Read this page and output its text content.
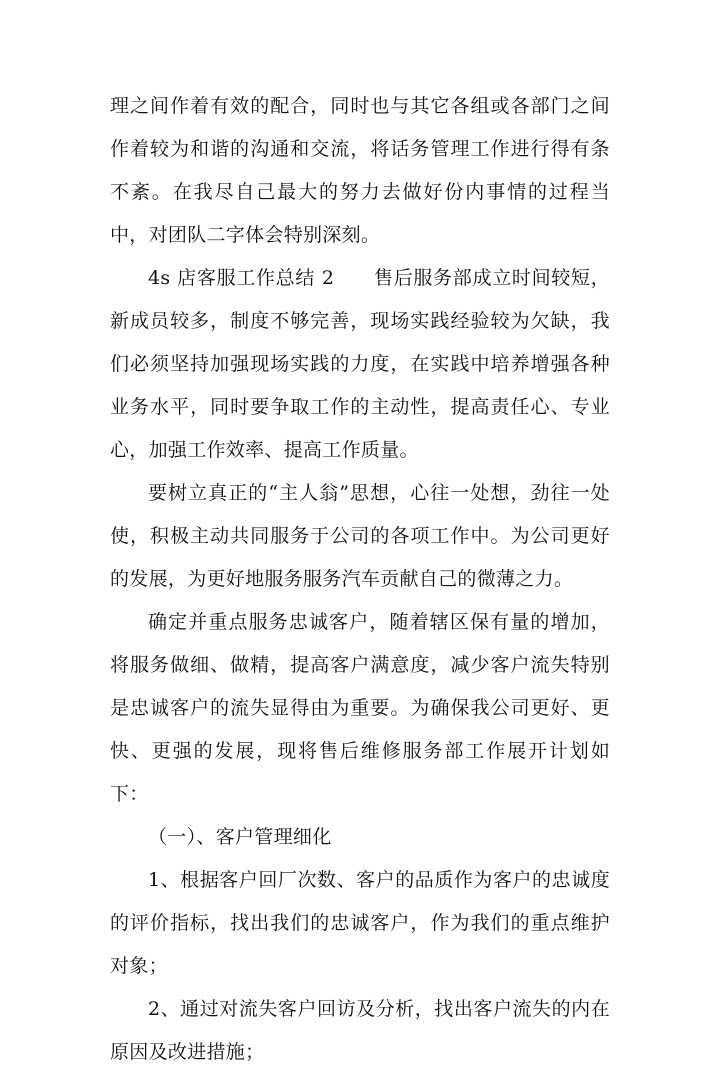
理之间作着有效的配合，同时也与其它各组或各部门之间作着较为和谐的沟通和交流，将话务管理工作进行得有条不紊。在我尽自己最大的努力去做好份内事情的过程当中，对团队二字体会特别深刻。

4s 店客服工作总结 2　　售后服务部成立时间较短，新成员较多，制度不够完善，现场实践经验较为欠缺，我们必须坚持加强现场实践的力度，在实践中培养增强各种业务水平，同时要争取工作的主动性，提高责任心、专业心，加强工作效率、提高工作质量。

要树立真正的“主人翁”思想，心往一处想，劲往一处使，积极主动共同服务于公司的各项工作中。为公司更好的发展，为更好地服务服务汽车贡献自己的微薄之力。

确定并重点服务忠诚客户，随着辖区保有量的增加，将服务做细、做精，提高客户满意度，减少客户流失特别是忠诚客户的流失显得由为重要。为确保我公司更好、更快、更强的发展，现将售后维修服务部工作展开计划如下：

（一）、客户管理细化

1、根据客户回厂次数、客户的品质作为客户的忠诚度的评价指标，找出我们的忠诚客户，作为我们的重点维护对象；

2、通过对流失客户回访及分析，找出客户流失的内在原因及改进措施；
